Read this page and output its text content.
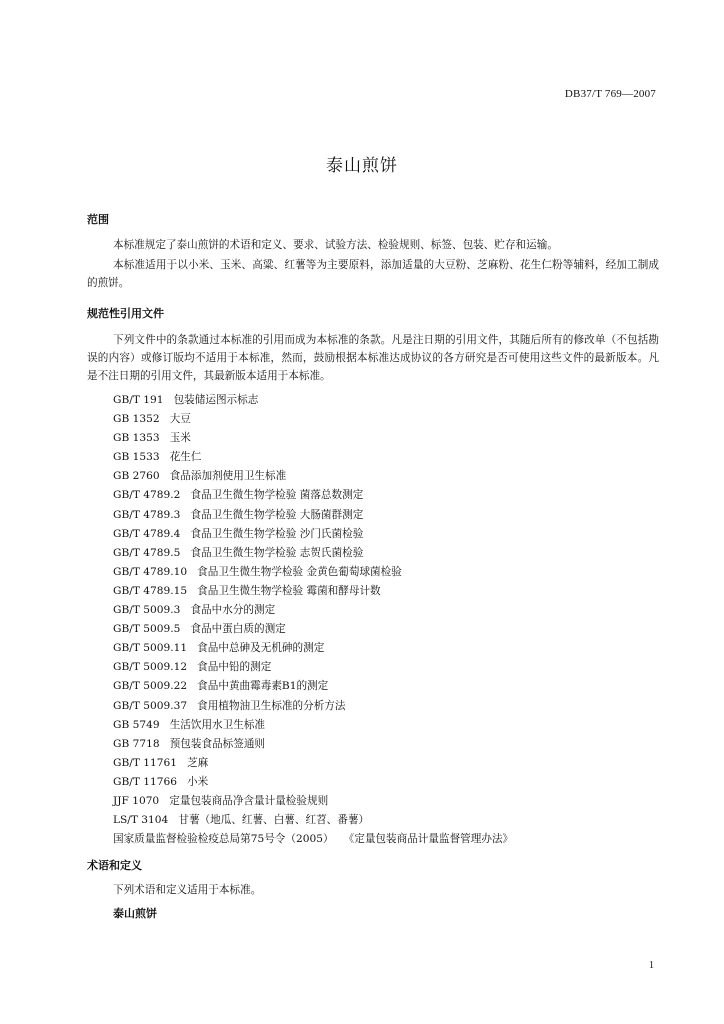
DB37/T 769—2007
泰山煎饼
范围
本标准规定了泰山煎饼的术语和定义、要求、试验方法、检验规则、标签、包装、贮存和运输。
本标准适用于以小米、玉米、高粱、红薯等为主要原料，添加适量的大豆粉、芝麻粉、花生仁粉等辅料，经加工制成的煎饼。
规范性引用文件
下列文件中的条款通过本标准的引用而成为本标准的条款。凡是注日期的引用文件，其随后所有的修改单（不包括勘误的内容）或修订版均不适用于本标准，然而，鼓励根据本标准达成协议的各方研究是否可使用这些文件的最新版本。凡是不注日期的引用文件，其最新版本适用于本标准。
GB/T 191 包装储运图示标志
GB 1352 大豆
GB 1353 玉米
GB 1533 花生仁
GB 2760 食品添加剂使用卫生标准
GB/T 4789.2 食品卫生微生物学检验 菌落总数测定
GB/T 4789.3 食品卫生微生物学检验 大肠菌群测定
GB/T 4789.4 食品卫生微生物学检验 沙门氏菌检验
GB/T 4789.5 食品卫生微生物学检验 志贺氏菌检验
GB/T 4789.10 食品卫生微生物学检验 金黄色葡萄球菌检验
GB/T 4789.15 食品卫生微生物学检验 霉菌和酵母计数
GB/T 5009.3 食品中水分的测定
GB/T 5009.5 食品中蛋白质的测定
GB/T 5009.11 食品中总砷及无机砷的测定
GB/T 5009.12 食品中铅的测定
GB/T 5009.22 食品中黄曲霉毒素B1的测定
GB/T 5009.37 食用植物油卫生标准的分析方法
GB 5749 生活饮用水卫生标准
GB 7718 预包装食品标签通则
GB/T 11761 芝麻
GB/T 11766 小米
JJF 1070 定量包装商品净含量计量检验规则
LS/T 3104 甘薯（地瓜、红薯、白薯、红苕、番薯）
国家质量监督检验检疫总局第75号令（2005） 《定量包装商品计量监督管理办法》
术语和定义
下列术语和定义适用于本标准。
泰山煎饼
1
